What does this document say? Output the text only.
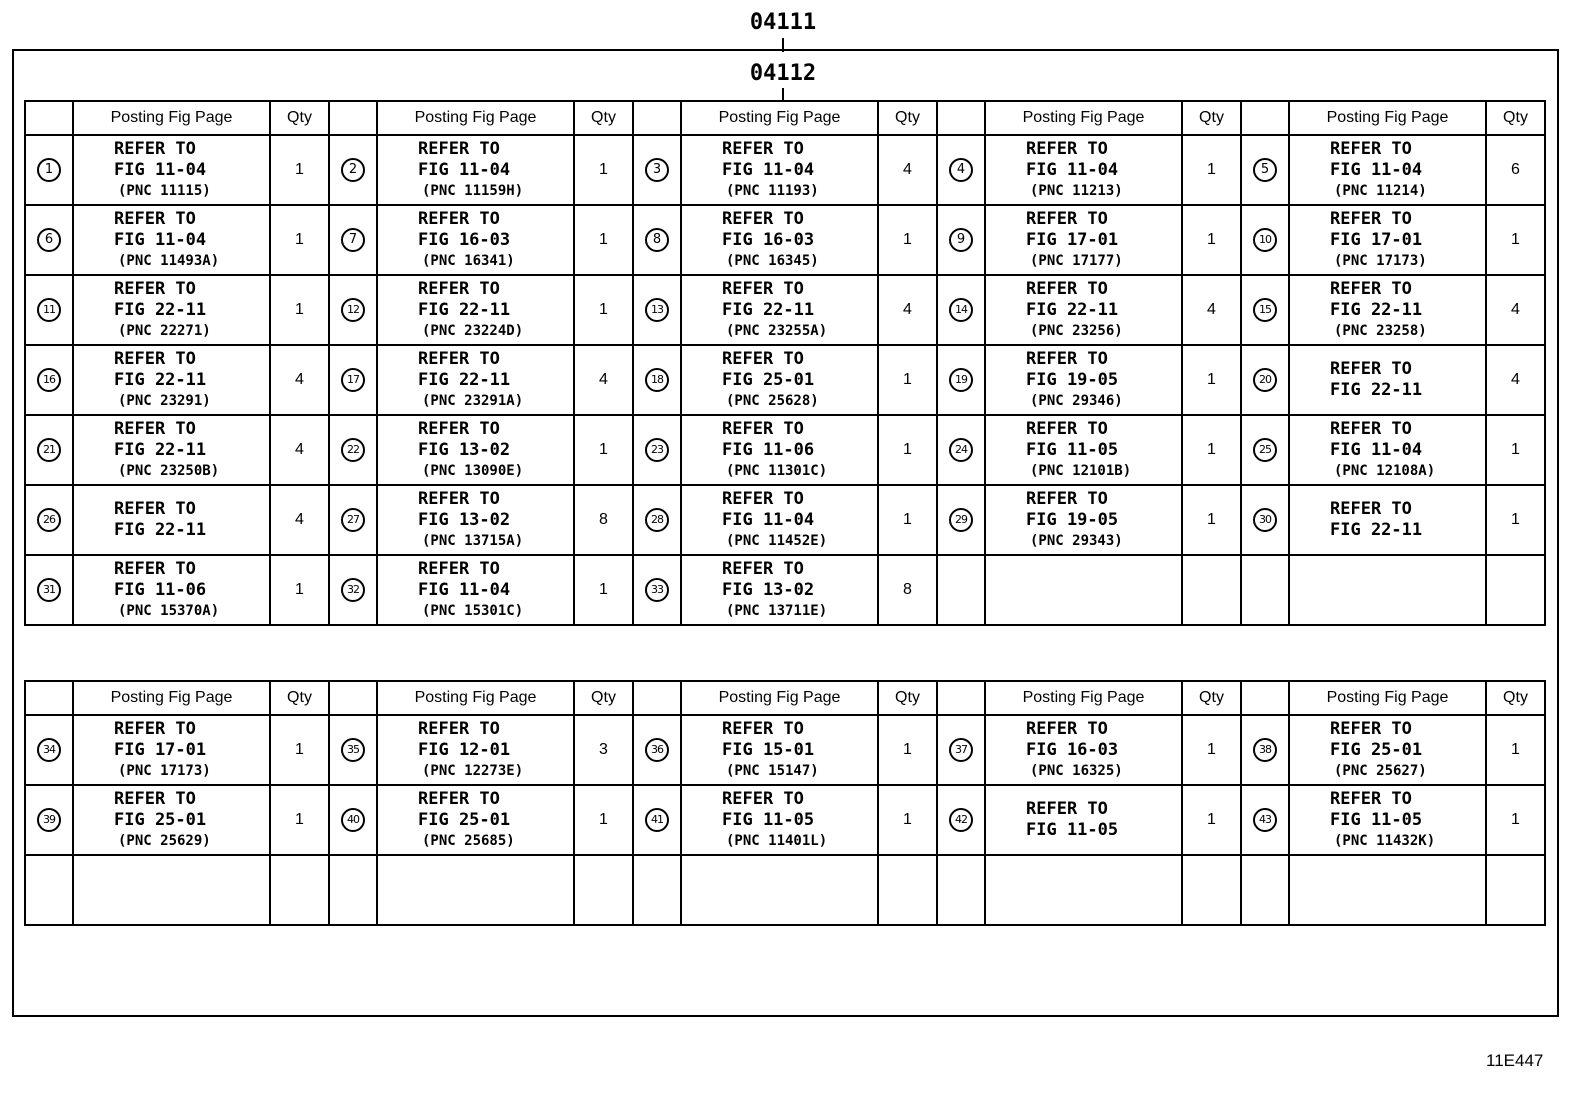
04111
04112
	Posting Fig Page	Qty		Posting Fig Page	Qty		Posting Fig Page	Qty		Posting Fig Page	Qty		Posting Fig Page	Qty
1	REFER TO
FIG 11-04
(PNC 11115)	1	2	REFER TO
FIG 11-04
(PNC 11159H)	1	3	REFER TO
FIG 11-04
(PNC 11193)	4	4	REFER TO
FIG 11-04
(PNC 11213)	1	5	REFER TO
FIG 11-04
(PNC 11214)	6
6	REFER TO
FIG 11-04
(PNC 11493A)	1	7	REFER TO
FIG 16-03
(PNC 16341)	1	8	REFER TO
FIG 16-03
(PNC 16345)	1	9	REFER TO
FIG 17-01
(PNC 17177)	1	10	REFER TO
FIG 17-01
(PNC 17173)	1
11	REFER TO
FIG 22-11
(PNC 22271)	1	12	REFER TO
FIG 22-11
(PNC 23224D)	1	13	REFER TO
FIG 22-11
(PNC 23255A)	4	14	REFER TO
FIG 22-11
(PNC 23256)	4	15	REFER TO
FIG 22-11
(PNC 23258)	4
16	REFER TO
FIG 22-11
(PNC 23291)	4	17	REFER TO
FIG 22-11
(PNC 23291A)	4	18	REFER TO
FIG 25-01
(PNC 25628)	1	19	REFER TO
FIG 19-05
(PNC 29346)	1	20	REFER TO
FIG 22-11	4
21	REFER TO
FIG 22-11
(PNC 23250B)	4	22	REFER TO
FIG 13-02
(PNC 13090E)	1	23	REFER TO
FIG 11-06
(PNC 11301C)	1	24	REFER TO
FIG 11-05
(PNC 12101B)	1	25	REFER TO
FIG 11-04
(PNC 12108A)	1
26	REFER TO
FIG 22-11	4	27	REFER TO
FIG 13-02
(PNC 13715A)	8	28	REFER TO
FIG 11-04
(PNC 11452E)	1	29	REFER TO
FIG 19-05
(PNC 29343)	1	30	REFER TO
FIG 22-11	1
31	REFER TO
FIG 11-06
(PNC 15370A)	1	32	REFER TO
FIG 11-04
(PNC 15301C)	1	33	REFER TO
FIG 13-02
(PNC 13711E)	8						
	Posting Fig Page	Qty		Posting Fig Page	Qty		Posting Fig Page	Qty		Posting Fig Page	Qty		Posting Fig Page	Qty
34	REFER TO
FIG 17-01
(PNC 17173)	1	35	REFER TO
FIG 12-01
(PNC 12273E)	3	36	REFER TO
FIG 15-01
(PNC 15147)	1	37	REFER TO
FIG 16-03
(PNC 16325)	1	38	REFER TO
FIG 25-01
(PNC 25627)	1
39	REFER TO
FIG 25-01
(PNC 25629)	1	40	REFER TO
FIG 25-01
(PNC 25685)	1	41	REFER TO
FIG 11-05
(PNC 11401L)	1	42	REFER TO
FIG 11-05	1	43	REFER TO
FIG 11-05
(PNC 11432K)	1

11E447
